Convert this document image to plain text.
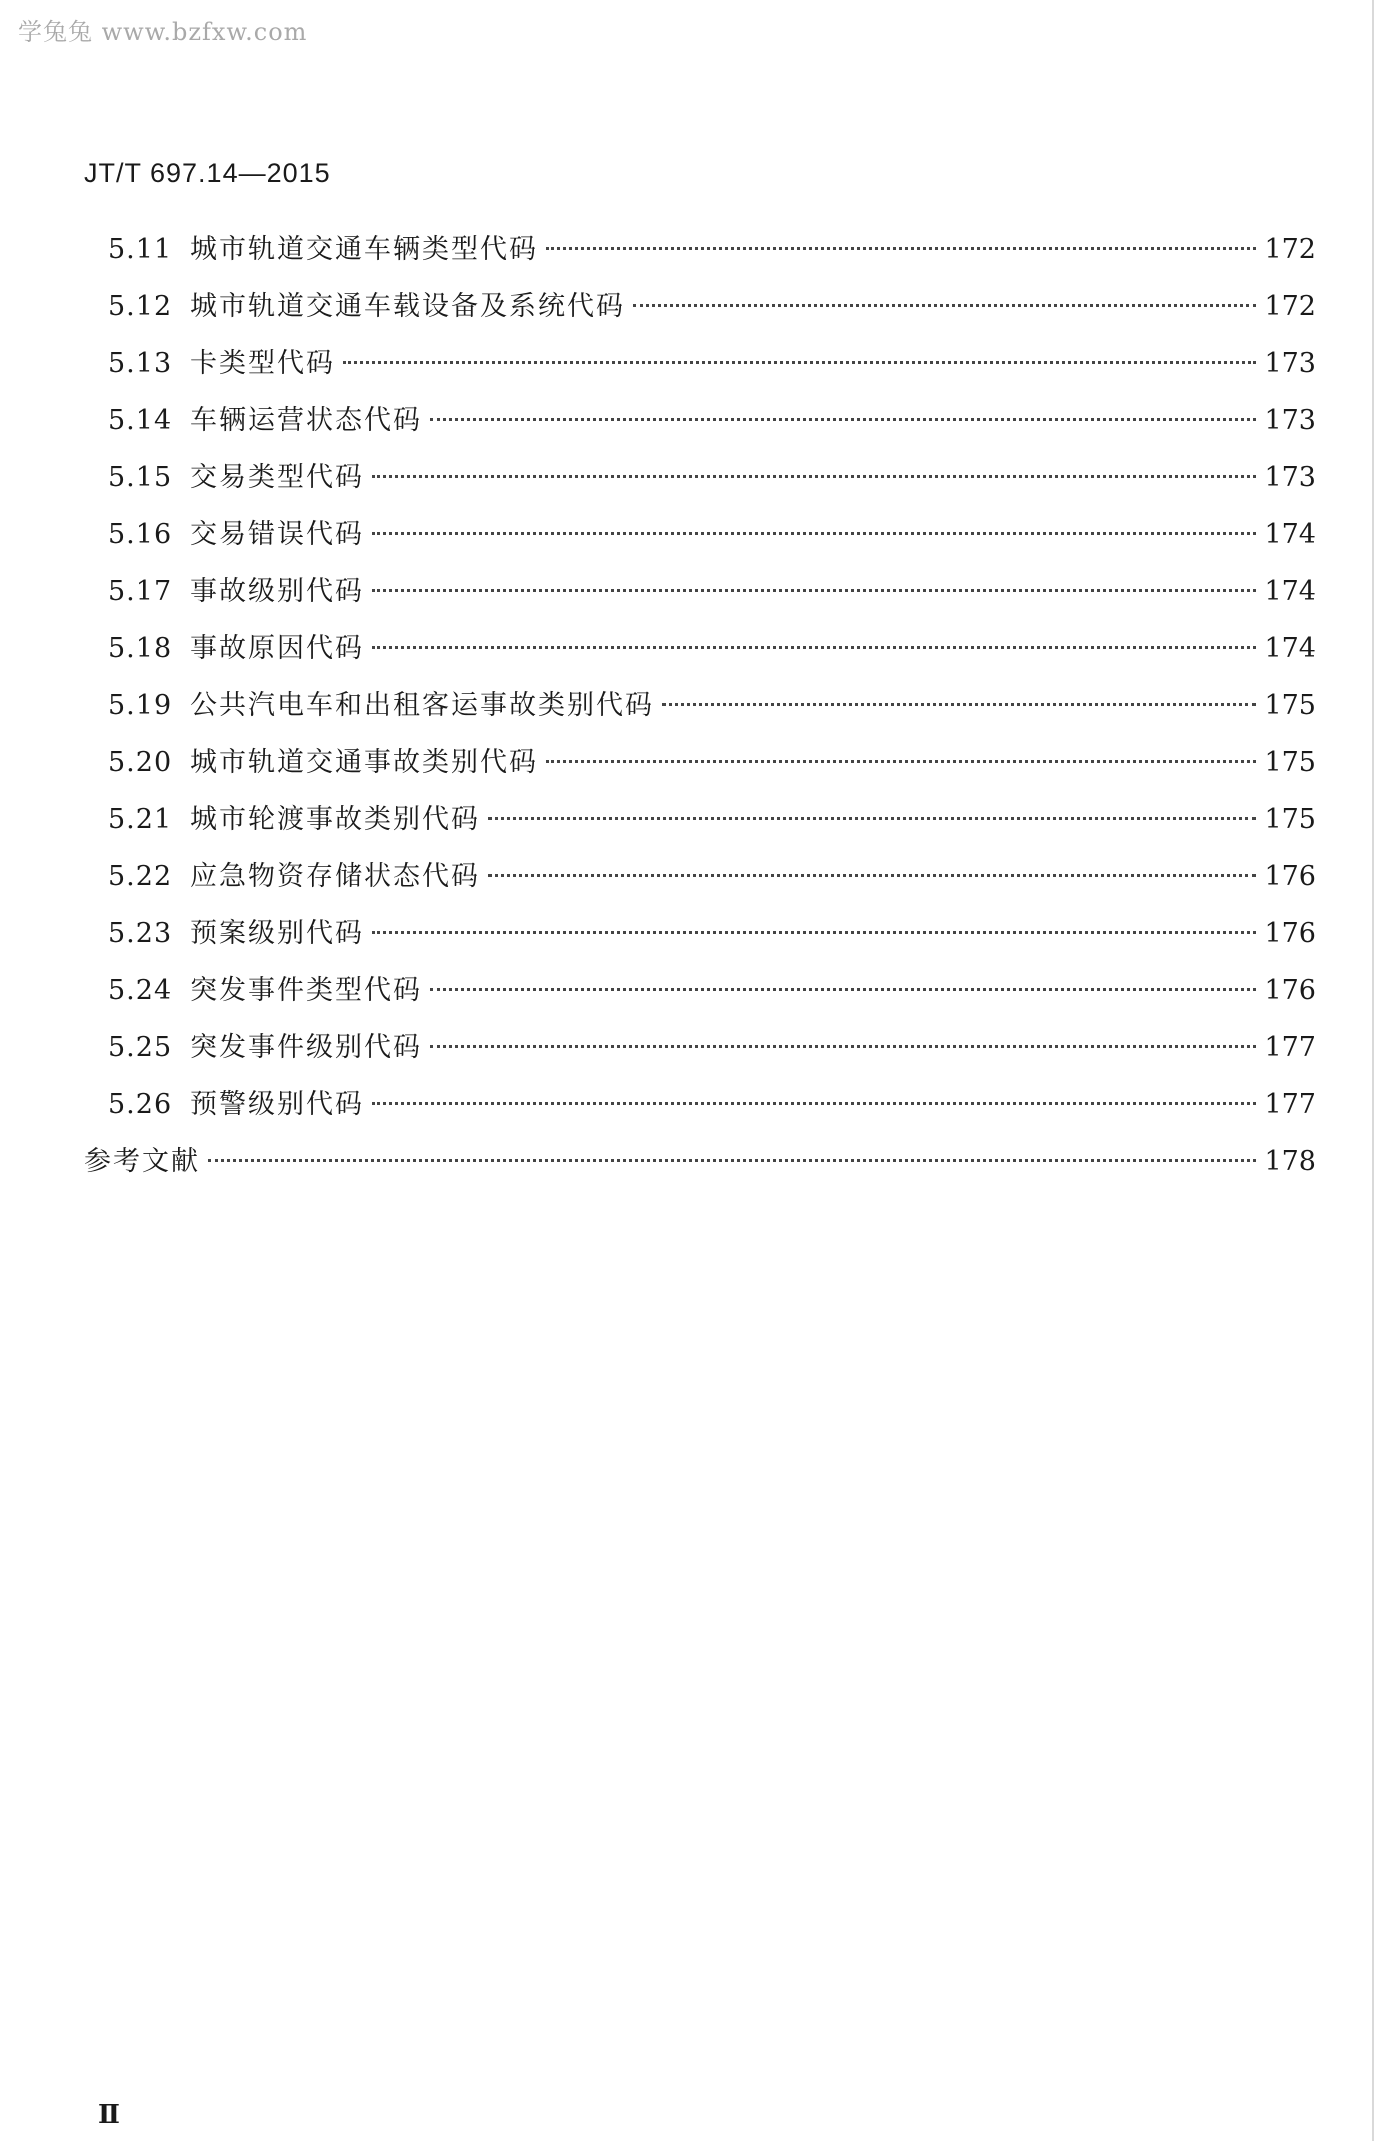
学兔兔 www.bzfxw.com
JT/T 697.14—2015
5.11 城市轨道交通车辆类型代码	172
5.12 城市轨道交通车载设备及系统代码	172
5.13 卡类型代码	173
5.14 车辆运营状态代码	173
5.15 交易类型代码	173
5.16 交易错误代码	174
5.17 事故级别代码	174
5.18 事故原因代码	174
5.19 公共汽电车和出租客运事故类别代码	175
5.20 城市轨道交通事故类别代码	175
5.21 城市轮渡事故类别代码	175
5.22 应急物资存储状态代码	176
5.23 预案级别代码	176
5.24 突发事件类型代码	176
5.25 突发事件级别代码	177
5.26 预警级别代码	177
参考文献	178
Ⅱ
